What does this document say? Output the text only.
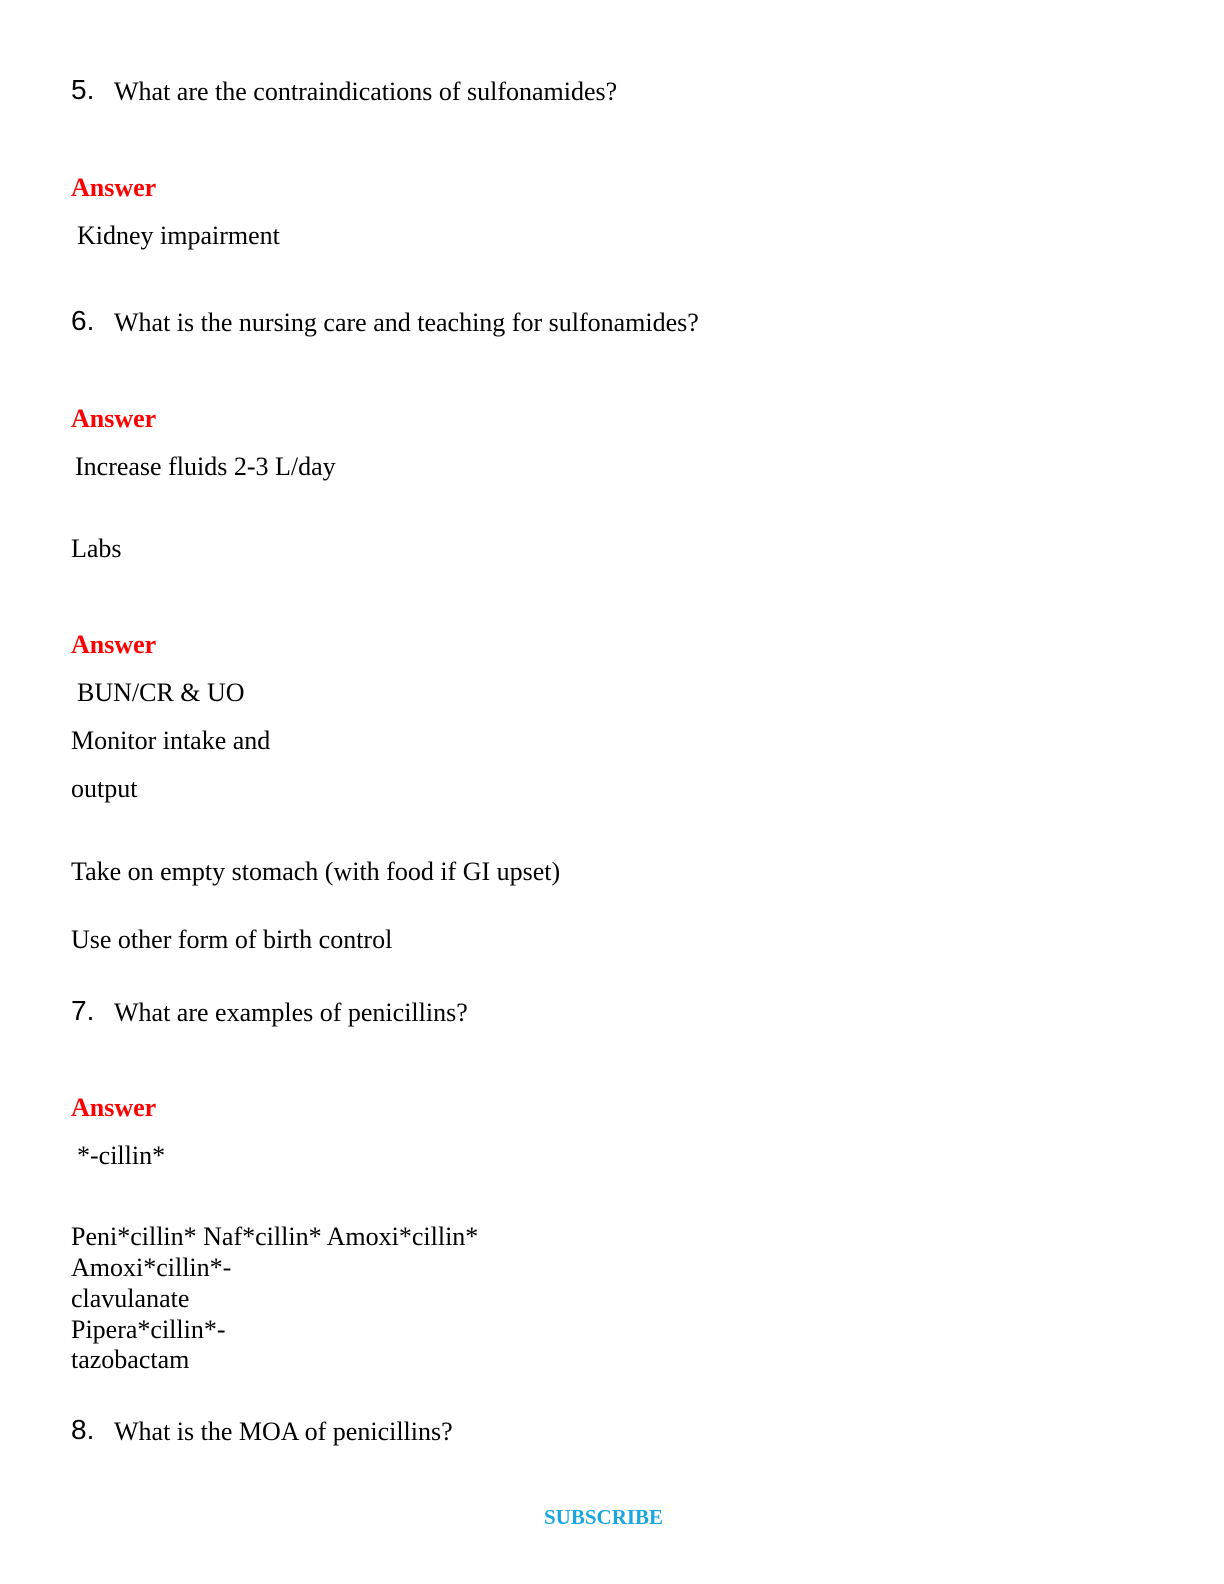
5. What are the contraindications of sulfonamides?
Answer
Kidney impairment
6. What is the nursing care and teaching for sulfonamides?
Answer
Increase fluids 2-3 L/day
Labs
Answer
BUN/CR & UO
Monitor intake and
output
Take on empty stomach (with food if GI upset)
Use other form of birth control
7. What are examples of penicillins?
Answer
*-cillin*
Peni*cillin* Naf*cillin* Amoxi*cillin*
Amoxi*cillin*-
clavulanate
Pipera*cillin*-
tazobactam
8. What is the MOA of penicillins?
SUBSCRIBE
